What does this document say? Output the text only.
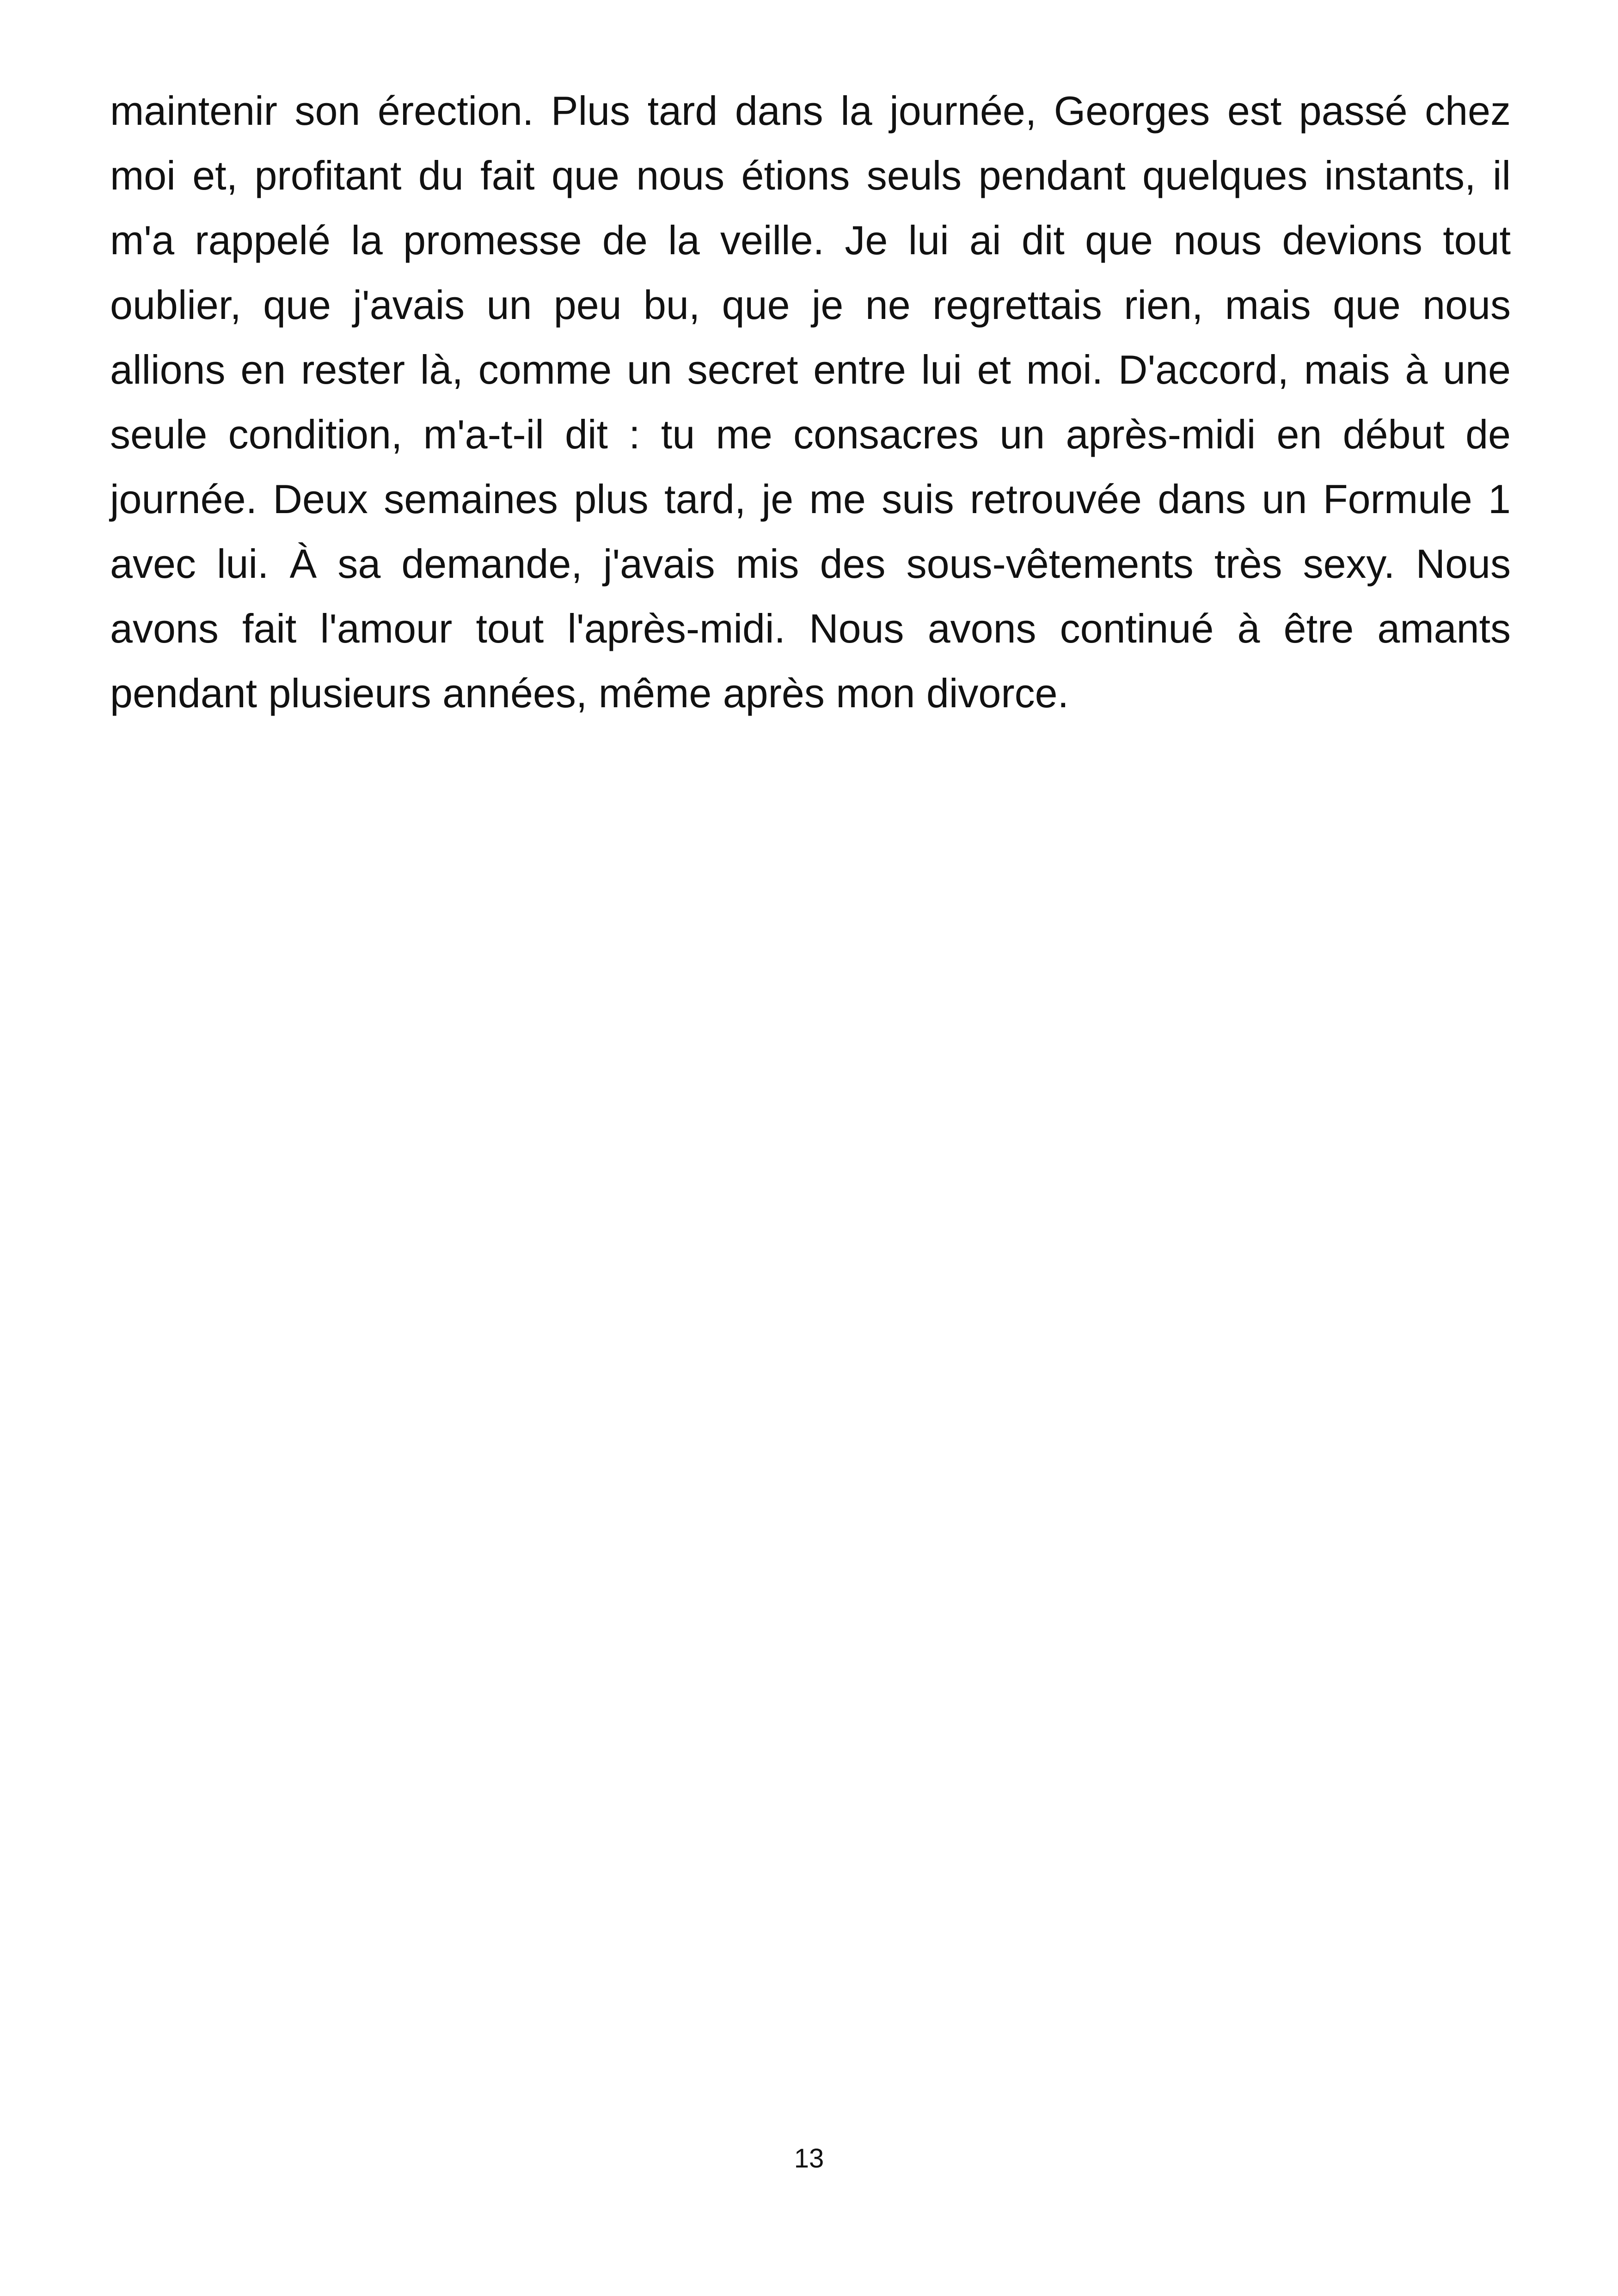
maintenir son érection. Plus tard dans la journée, Georges est passé chez
moi et, profitant du fait que nous étions seuls pendant quelques instants, il
m'a rappelé la promesse de la veille. Je lui ai dit que nous devions tout
oublier, que j'avais un peu bu, que je ne regrettais rien, mais que nous
allions en rester là, comme un secret entre lui et moi. D'accord, mais à une
seule condition, m'a-t-il dit : tu me consacres un après-midi en début de
journée. Deux semaines plus tard, je me suis retrouvée dans un Formule 1
avec lui. À sa demande, j'avais mis des sous-vêtements très sexy. Nous
avons fait l'amour tout l'après-midi. Nous avons continué à être amants
pendant plusieurs années, même après mon divorce.
13
